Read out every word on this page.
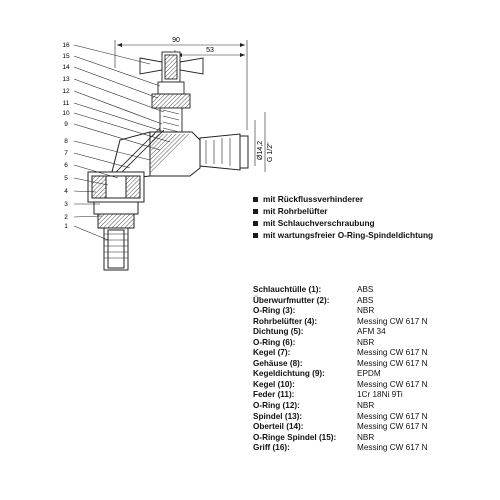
90
53
Ø14,2 G 1/2"
16
15
14
13
12
11
10
9
8
7
6
5
4
3
2
1
mit Rückflussverhinderer
mit Rohrbelüfter
mit Schlauchverschraubung
mit wartungsfreier O-Ring-Spindeldichtung
Schlauchtülle (1):	ABS
Überwurfmutter (2):	ABS
O-Ring (3):	NBR
Rohrbelüfter (4):	Messing CW 617 N
Dichtung (5):	AFM 34
O-Ring (6):	NBR
Kegel (7):	Messing CW 617 N
Gehäuse (8):	Messing CW 617 N
Kegeldichtung (9):	EPDM
Kegel (10):	Messing CW 617 N
Feder (11):	1Cr 18Ni 9Ti
O-Ring (12):	NBR
Spindel (13):	Messing CW 617 N
Oberteil (14):	Messing CW 617 N
O-Ringe Spindel (15):	NBR
Griff (16):	Messing CW 617 N
